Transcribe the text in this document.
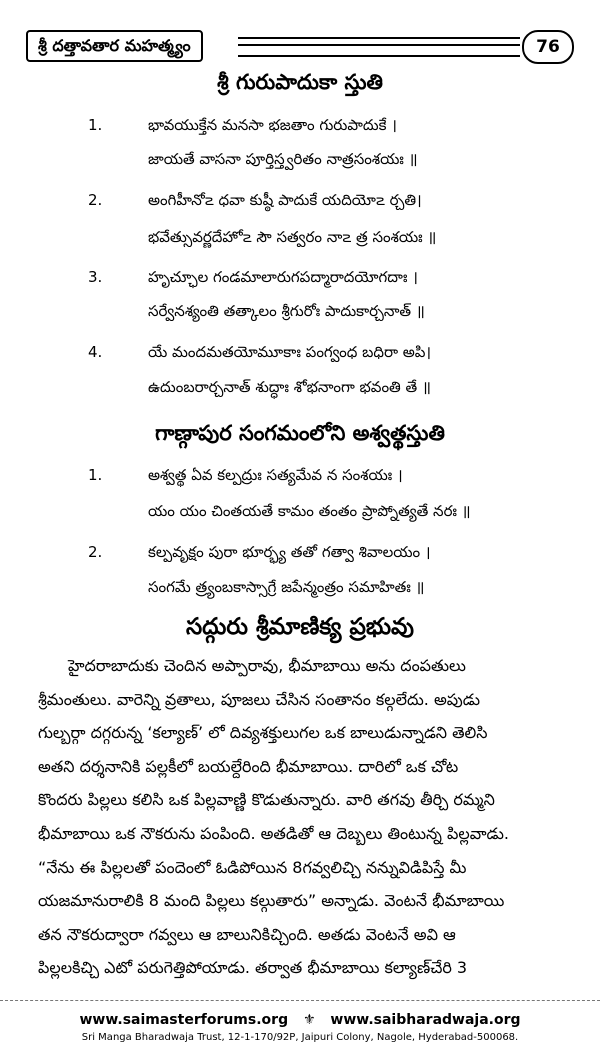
శ్రీ దత్తావతార మహత్మ్యం	76
శ్రీ గురుపాదుకా స్తుతి
1.	భావయుక్తేన మనసా భజతాం గురుపాదుకే ।
జాయతే వాసనా పూర్తిస్త్వరితం నాత్రసంశయః ॥
2.	అంగిహీనో౽ ధవా కుష్ఠీ పాదుకే యదియో౽ ర్చతి।
భవేత్సువర్ణదేహో౽ సౌ సత్వరం నా౽ త్ర సంశయః ॥
3.	హృచ్ఛూల గండమాలారుగపద్మారాదయోగదాః ।
సర్వేనశ్యంతి తత్కాలం శ్రీగురోః పాదుకార్చనాత్ ॥
4.	యే మందమతయోమూకాః పంగ్వంధ బధిరా అపి।
ఉదుంబరార్చనాత్ శుద్ధాః శోభనాంగా భవంతి తే ॥
గాణ్గాపుర సంగమంలోని అశ్వత్థస్తుతి
1.	అశ్వత్థ ఏవ కల్పద్రుః సత్యమేవ న సంశయః ।
యం యం చింతయతే కామం తంతం ప్రాప్నోత్యతే నరః ॥
2.	కల్పవృక్షం పురా భూర్భ్య తతో గత్వా శివాలయం ।
సంగమే త్ర్యంబకాస్సాగ్రే జపేన్మంత్రం సమాహితః ॥
సద్గురు శ్రీమాణిక్య ప్రభువు
హైదరాబాదుకు చెందిన అప్పారావు, భీమాబాయి అను దంపతులు
శ్రీమంతులు. వారెన్ని వ్రతాలు, పూజలు చేసిన సంతానం కల్గలేదు. అపుడు
గుల్బర్గా దగ్గరున్న ‘కల్యాణ్’ లో దివ్యశక్తులుగల ఒక బాలుడున్నాడని తెలిసి
అతని దర్శనానికి పల్లకీలో బయల్దేరింది భీమాబాయి. దారిలో ఒక చోట
కొందరు పిల్లలు కలిసి ఒక పిల్లవాణ్ణి కొడుతున్నారు. వారి తగవు తీర్చి రమ్మని
భీమాబాయి ఒక నౌకరును పంపింది. అతడితో ఆ దెబ్బలు తింటున్న పిల్లవాడు.
“నేను ఈ పిల్లలతో పందెంలో ఓడిపోయిన 8గవ్వలిచ్చి నన్నువిడిపిస్తే మీ
యజమానురాలికి 8 మంది పిల్లలు కల్గుతారు” అన్నాడు. వెంటనే భీమాబాయి
తన నౌకరుద్వారా గవ్వలు ఆ బాలునికిచ్చింది. అతడు వెంటనే అవి ఆ
పిల్లలకిచ్చి ఎటో పరుగెత్తిపోయాడు. తర్వాత భీమాబాయి కల్యాణ్‌చేరి 3
www.saimasterforums.org ⚜ www.saibharadwaja.org
Sri Manga Bharadwaja Trust, 12-1-170/92P, Jaipuri Colony, Nagole, Hyderabad-500068.
